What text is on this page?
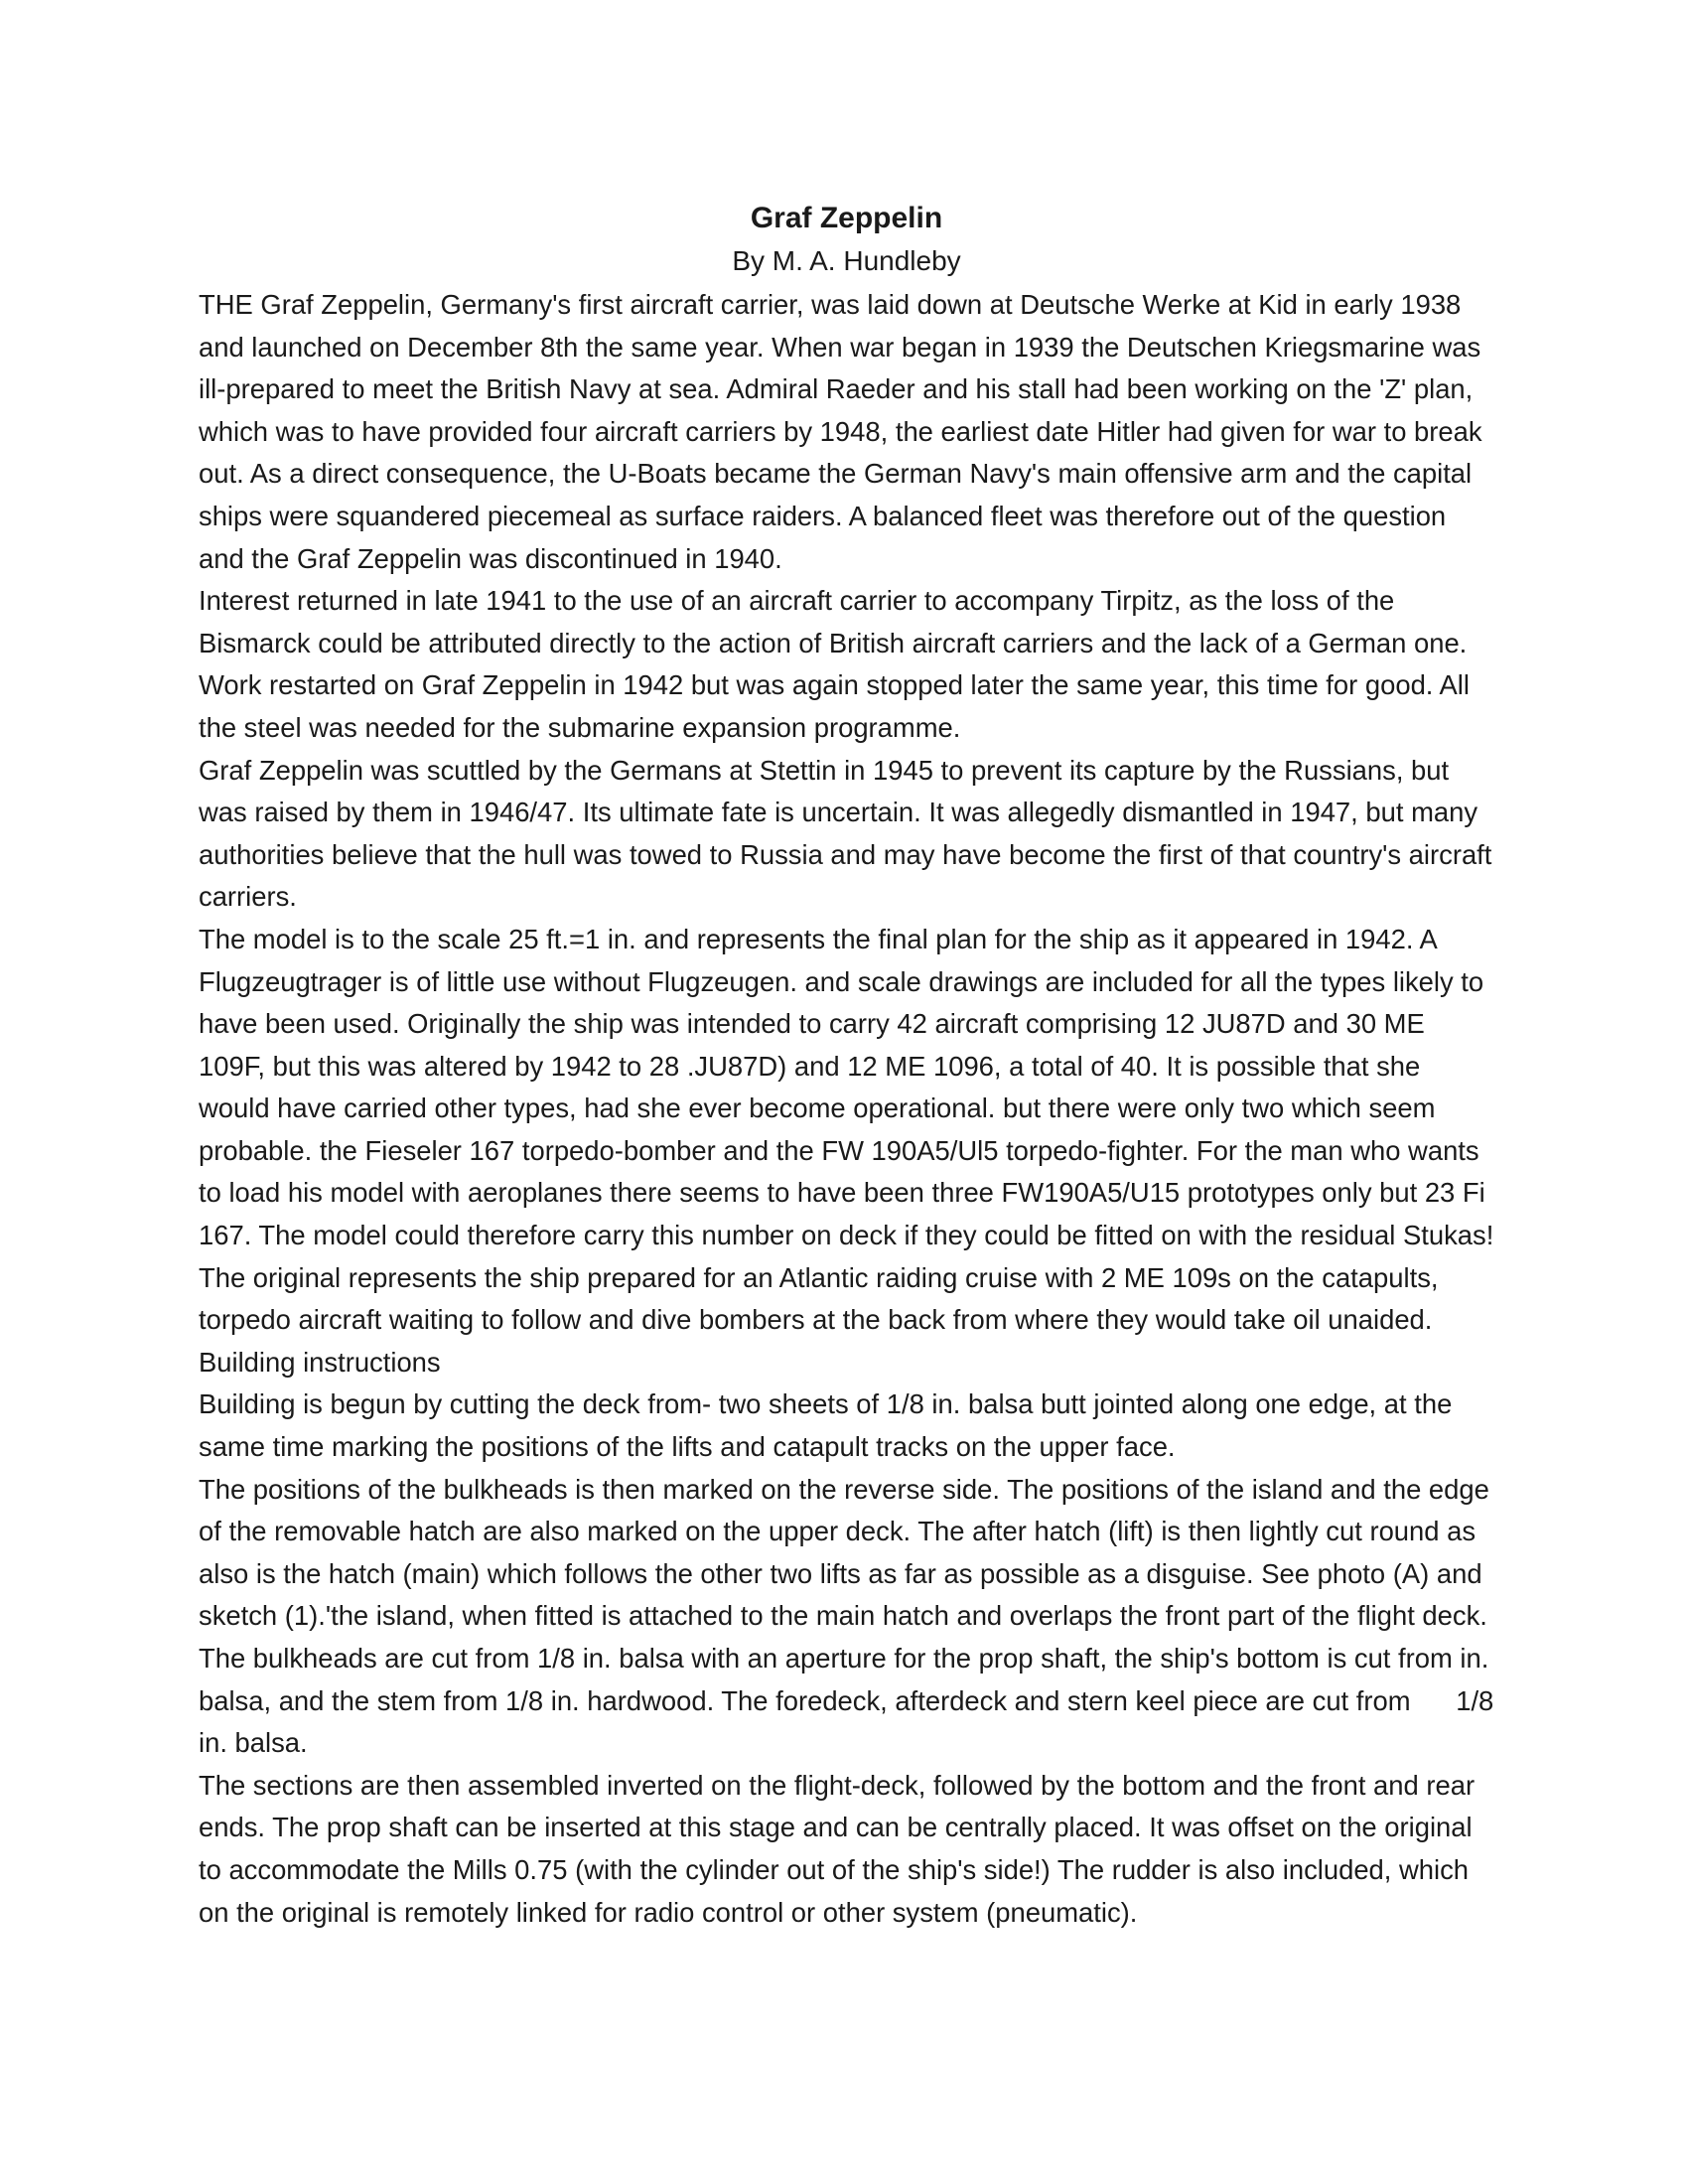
Graf Zeppelin

By M. A. Hundleby

THE Graf Zeppelin, Germany's first aircraft carrier, was laid down at Deutsche Werke at Kid in early 1938 and launched on December 8th the same year. When war began in 1939 the Deutschen Kriegsmarine was ill-prepared to meet the British Navy at sea. Admiral Raeder and his stall had been working on the 'Z' plan, which was to have provided four aircraft carriers by 1948, the earliest date Hitler had given for war to break out. As a direct consequence, the U-Boats became the German Navy's main offensive arm and the capital ships were squandered piecemeal as surface raiders. A balanced fleet was therefore out of the question and the Graf Zeppelin was discontinued in 1940.

Interest returned in late 1941 to the use of an aircraft carrier to accompany Tirpitz, as the loss of the Bismarck could be attributed directly to the action of British aircraft carriers and the lack of a German one. Work restarted on Graf Zeppelin in 1942 but was again stopped later the same year, this time for good. All the steel was needed for the submarine expansion programme.

Graf Zeppelin was scuttled by the Germans at Stettin in 1945 to prevent its capture by the Russians, but was raised by them in 1946/47. Its ultimate fate is uncertain. It was allegedly dismantled in 1947, but many authorities believe that the hull was towed to Russia and may have become the first of that country's aircraft carriers.

The model is to the scale 25 ft.=1 in. and represents the final plan for the ship as it appeared in 1942. A Flugzeugtrager is of little use without Flugzeugen. and scale drawings are included for all the types likely to have been used. Originally the ship was intended to carry 42 aircraft comprising 12 JU87D and 30 ME 109F, but this was altered by 1942 to 28 .JU87D) and 12 ME 1096, a total of 40. It is possible that she would have carried other types, had she ever become operational. but there were only two which seem probable. the Fieseler 167 torpedo-bomber and the FW 190A5/Ul5 torpedo-fighter. For the man who wants to load his model with aeroplanes there seems to have been three FW190A5/U15 prototypes only but 23 Fi 167. The model could therefore carry this number on deck if they could be fitted on with the residual Stukas! The original represents the ship prepared for an Atlantic raiding cruise with 2 ME 109s on the catapults, torpedo aircraft waiting to follow and dive bombers at the back from where they would take oil unaided.

Building instructions

Building is begun by cutting the deck from- two sheets of 1/8 in. balsa butt jointed along one edge, at the same time marking the positions of the lifts and catapult tracks on the upper face.

The positions of the bulkheads is then marked on the reverse side. The positions of the island and the edge of the removable hatch are also marked on the upper deck. The after hatch (lift) is then lightly cut round as also is the hatch (main) which follows the other two lifts as far as possible as a disguise. See photo (A) and sketch (1).'the island, when fitted is attached to the main hatch and overlaps the front part of the flight deck. The bulkheads are cut from 1/8 in. balsa with an aperture for the prop shaft, the ship's bottom is cut from in. balsa, and the stem from 1/8 in. hardwood. The foredeck, afterdeck and stern keel piece are cut from      1/8 in. balsa.

The sections are then assembled inverted on the flight-deck, followed by the bottom and the front and rear ends. The prop shaft can be inserted at this stage and can be centrally placed. It was offset on the original to accommodate the Mills 0.75 (with the cylinder out of the ship's side!) The rudder is also included, which on the original is remotely linked for radio control or other system (pneumatic).
